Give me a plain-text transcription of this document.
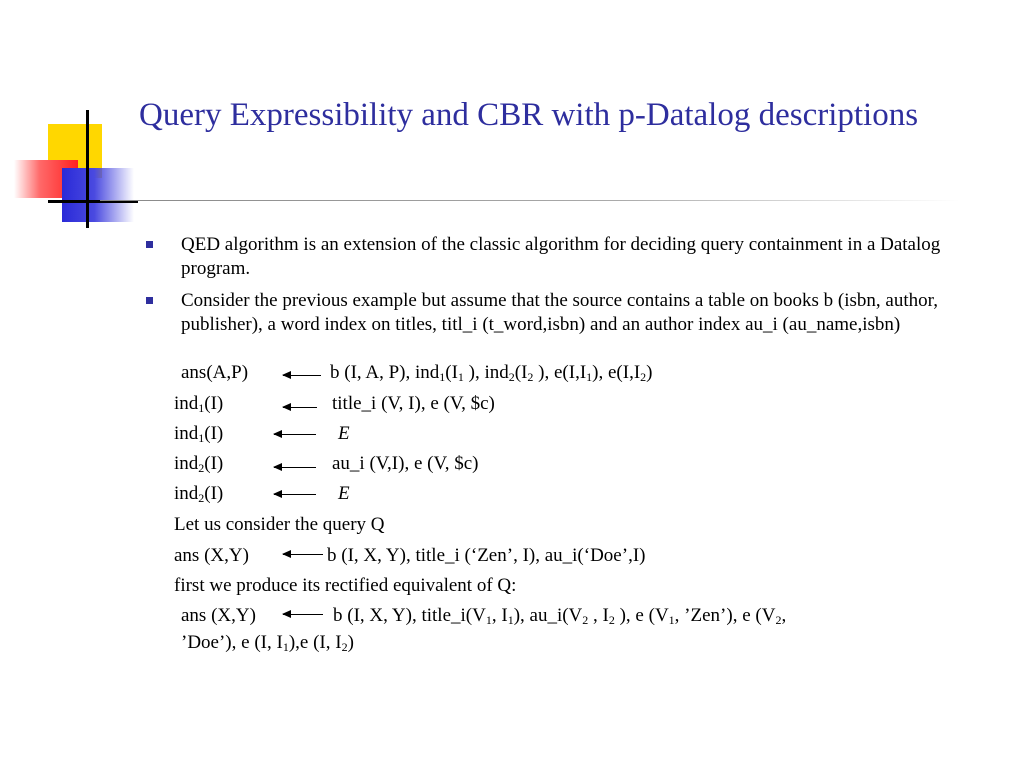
Query Expressibility and CBR with p-Datalog descriptions
QED algorithm is an extension of the classic algorithm for deciding query containment in a Datalog program.
Consider the previous example but assume that the source contains a table on books b (isbn, author, publisher), a word index on titles, titl_i (t_word,isbn) and an author index au_i (au_name,isbn)
ans(A,P)	b (I, A, P), $ind_1(I_1$ ), $ind_2(I_2$ ), $e(I,I_1)$, $e(I,I_2)$
ind$_1$(I)	title_i (V, I), e (V, $c)
ind$_1$(I)	E
ind$_2$(I)	au_i (V,I), e (V, $c)
ind$_2$(I)	E
Let us consider the query Q
ans (X,Y)	b (I, X, Y), title_i (‘Zen’, I), au_i(‘Doe’,I)
first we produce its rectified equivalent of Q:
ans (X,Y)	b (I, X, Y), $title\_i(V_1$, $I_1$), $au\_i(V_2$ , $I_2$ ), e ($V_1$, ’Zen’), e ($V_2$,
’Doe’), e (I, $I_1),e$ (I, $I_2$)
